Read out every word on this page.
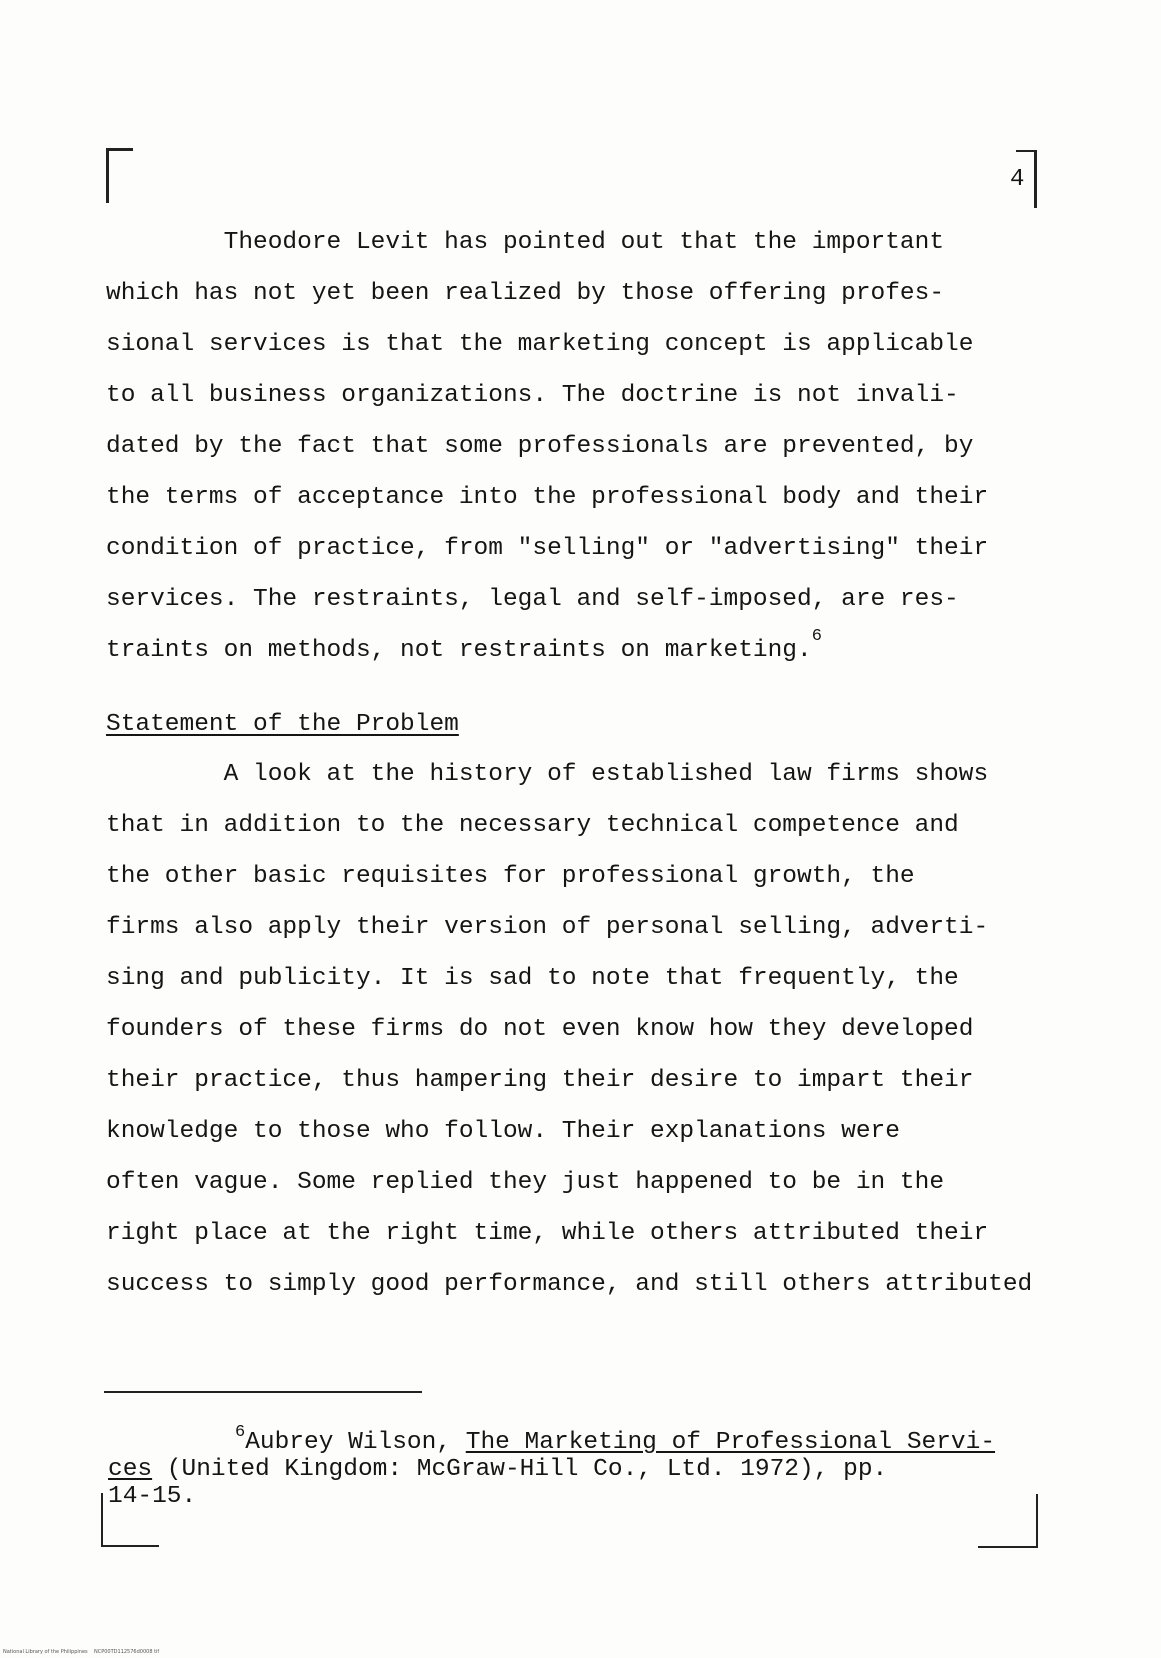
4

Theodore Levit has pointed out that the important

which has not yet been realized by those offering profes-

sional services is that the marketing concept is applicable

to all business organizations. The doctrine is not invali-

dated by the fact that some professionals are prevented, by

the terms of acceptance into the professional body and their

condition of practice, from "selling" or "advertising" their

services. The restraints, legal and self-imposed, are res-

traints on methods, not restraints on marketing.$^6$

Statement of the Problem

A look at the history of established law firms shows

that in addition to the necessary technical competence and

the other basic requisites for professional growth, the

firms also apply their version of personal selling, adverti-

sing and publicity. It is sad to note that frequently, the

founders of these firms do not even know how they developed

their practice, thus hampering their desire to impart their

knowledge to those who follow. Their explanations were

often vague. Some replied they just happened to be in the

right place at the right time, while others attributed their

success to simply good performance, and still others attributed

$^6$Aubrey Wilson, The Marketing of Professional Servi-

ces (United Kingdom: McGraw-Hill Co., Ltd. 1972), pp.

14-15.

National Library of the Philippines    NCP00TD112576d0008 tif
